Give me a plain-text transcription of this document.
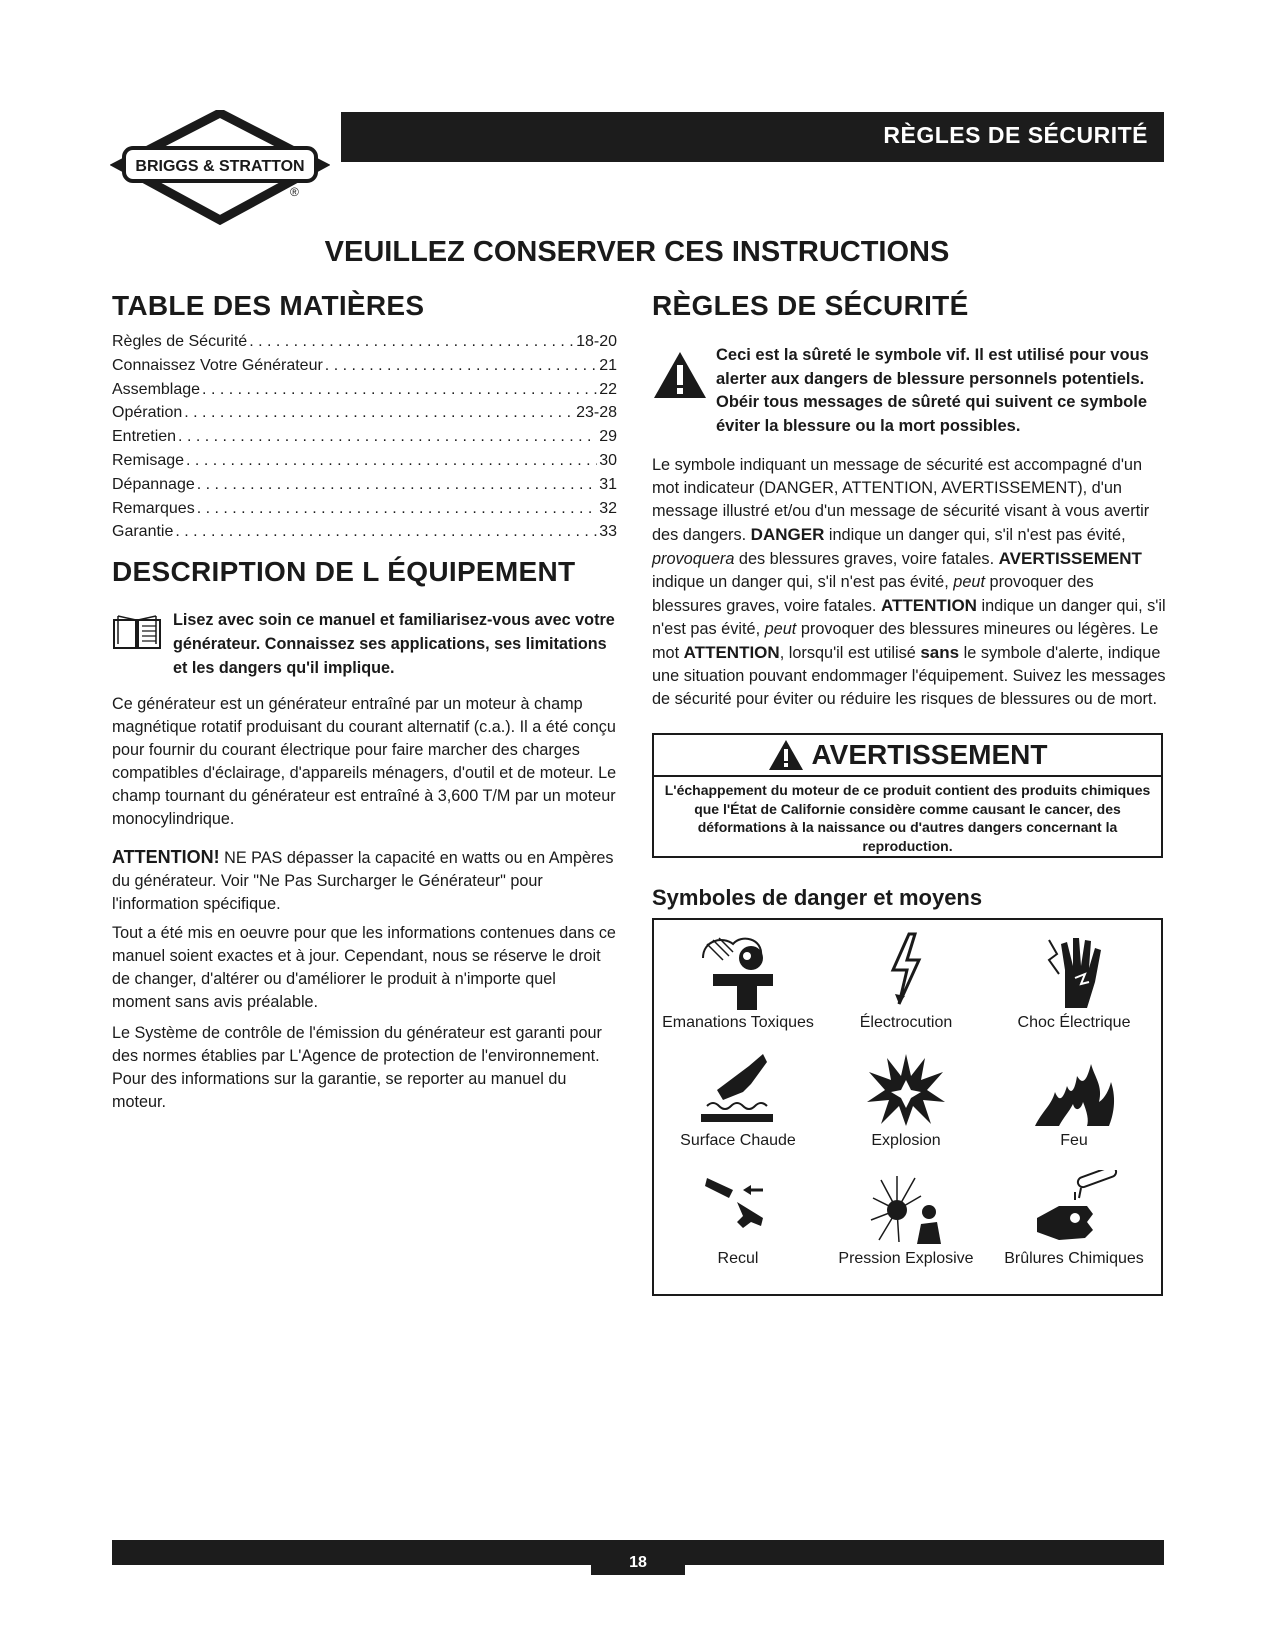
BRIGGS & STRATTON
®
RÈGLES DE SÉCURITÉ
VEUILLEZ CONSERVER CES INSTRUCTIONS
TABLE DES MATIÈRES
Règles de Sécurité . . .	18-20
Connaissez Votre Générateur . . .	21
Assemblage . . .	22
Opération . . .	23-28
Entretien . . .	29
Remisage . . .	30
Dépannage . . .	31
Remarques . . .	32
Garantie . . .	33
DESCRIPTION DE L ÉQUIPEMENT
Lisez avec soin ce manuel et familiarisez-vous avec votre générateur. Connaissez ses applications, ses limitations et les dangers qu'il implique.

Ce générateur est un générateur entraîné par un moteur à champ magnétique rotatif produisant du courant alternatif (c.a.). Il a été conçu pour fournir du courant électrique pour faire marcher des charges compatibles d'éclairage, d'appareils ménagers, d'outil et de moteur. Le champ tournant du générateur est entraîné à 3,600 T/M par un moteur monocylindrique.

ATTENTION! NE PAS dépasser la capacité en watts ou en Ampères du générateur. Voir "Ne Pas Surcharger le Générateur" pour l'information spécifique.

Tout a été mis en oeuvre pour que les informations contenues dans ce manuel soient exactes et à jour. Cependant, nous se réserve le droit de changer, d'altérer ou d'améliorer le produit à n'importe quel moment sans avis préalable.

Le Système de contrôle de l'émission du générateur est garanti pour des normes établies par L'Agence de protection de l'environnement. Pour des informations sur la garantie, se reporter au manuel du moteur.

RÈGLES DE SÉCURITÉ
Ceci est la sûreté le symbole vif. Il est utilisé pour vous alerter aux dangers de blessure personnels potentiels. Obéir tous messages de sûreté qui suivent ce symbole éviter la blessure ou la mort possibles.

Le symbole indiquant un message de sécurité est accompagné d'un mot indicateur (DANGER, ATTENTION, AVERTISSEMENT), d'un message illustré et/ou d'un message de sécurité visant à vous avertir des dangers. DANGER indique un danger qui, s'il n'est pas évité, provoquera des blessures graves, voire fatales. AVERTISSEMENT indique un danger qui, s'il n'est pas évité, peut provoquer des blessures graves, voire fatales. ATTENTION indique un danger qui, s'il n'est pas évité, peut provoquer des blessures mineures ou légères. Le mot ATTENTION, lorsqu'il est utilisé sans le symbole d'alerte, indique une situation pouvant endommager l'équipement. Suivez les messages de sécurité pour éviter ou réduire les risques de blessures ou de mort.

AVERTISSEMENT
L'échappement du moteur de ce produit contient des produits chimiques que l'État de Californie considère comme causant le cancer, des déformations à la naissance ou d'autres dangers concernant la reproduction.
Symboles de danger et moyens
Emanations Toxiques	Électrocution	Choc Électrique
Surface Chaude	Explosion	Feu
Recul	Pression Explosive	Brûlures Chimiques
18
